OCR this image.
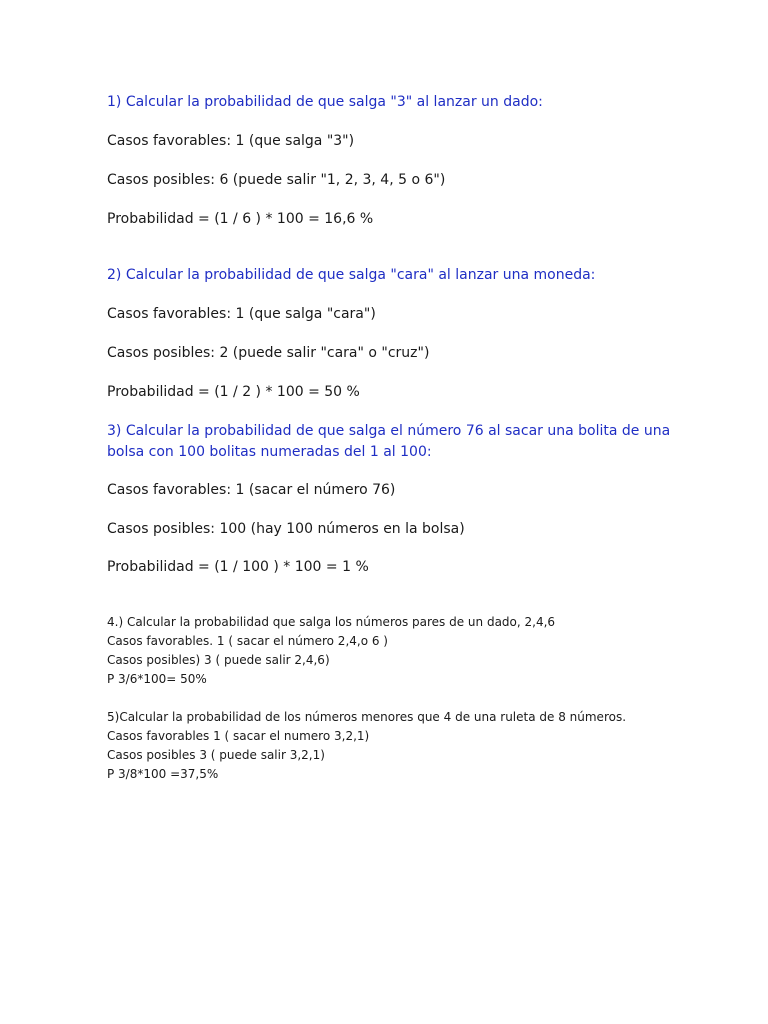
1) Calcular la probabilidad de que salga "3" al lanzar un dado:
Casos favorables: 1 (que salga "3")
Casos posibles: 6 (puede salir "1, 2, 3, 4, 5 o 6")
Probabilidad = (1 / 6 ) * 100 = 16,6 %
2) Calcular la probabilidad de que salga "cara" al lanzar una moneda:
Casos favorables: 1 (que salga "cara")
Casos posibles: 2 (puede salir "cara" o "cruz")
Probabilidad = (1 / 2 ) * 100 = 50 %
3) Calcular la probabilidad de que salga el número 76 al sacar una bolita de una
bolsa con 100 bolitas numeradas del 1 al 100:
Casos favorables: 1 (sacar el número 76)
Casos posibles: 100 (hay 100 números en la bolsa)
Probabilidad = (1 / 100 ) * 100 = 1 %
4.) Calcular la probabilidad que salga los números pares de un dado, 2,4,6
Casos favorables. 1 ( sacar el número 2,4,o 6 )
Casos posibles) 3 ( puede salir 2,4,6)
P 3/6*100= 50%
5)Calcular la probabilidad de los números menores que 4 de una ruleta de 8 números.
Casos favorables 1 ( sacar el numero 3,2,1)
Casos posibles 3 ( puede salir 3,2,1)
P 3/8*100 =37,5%
